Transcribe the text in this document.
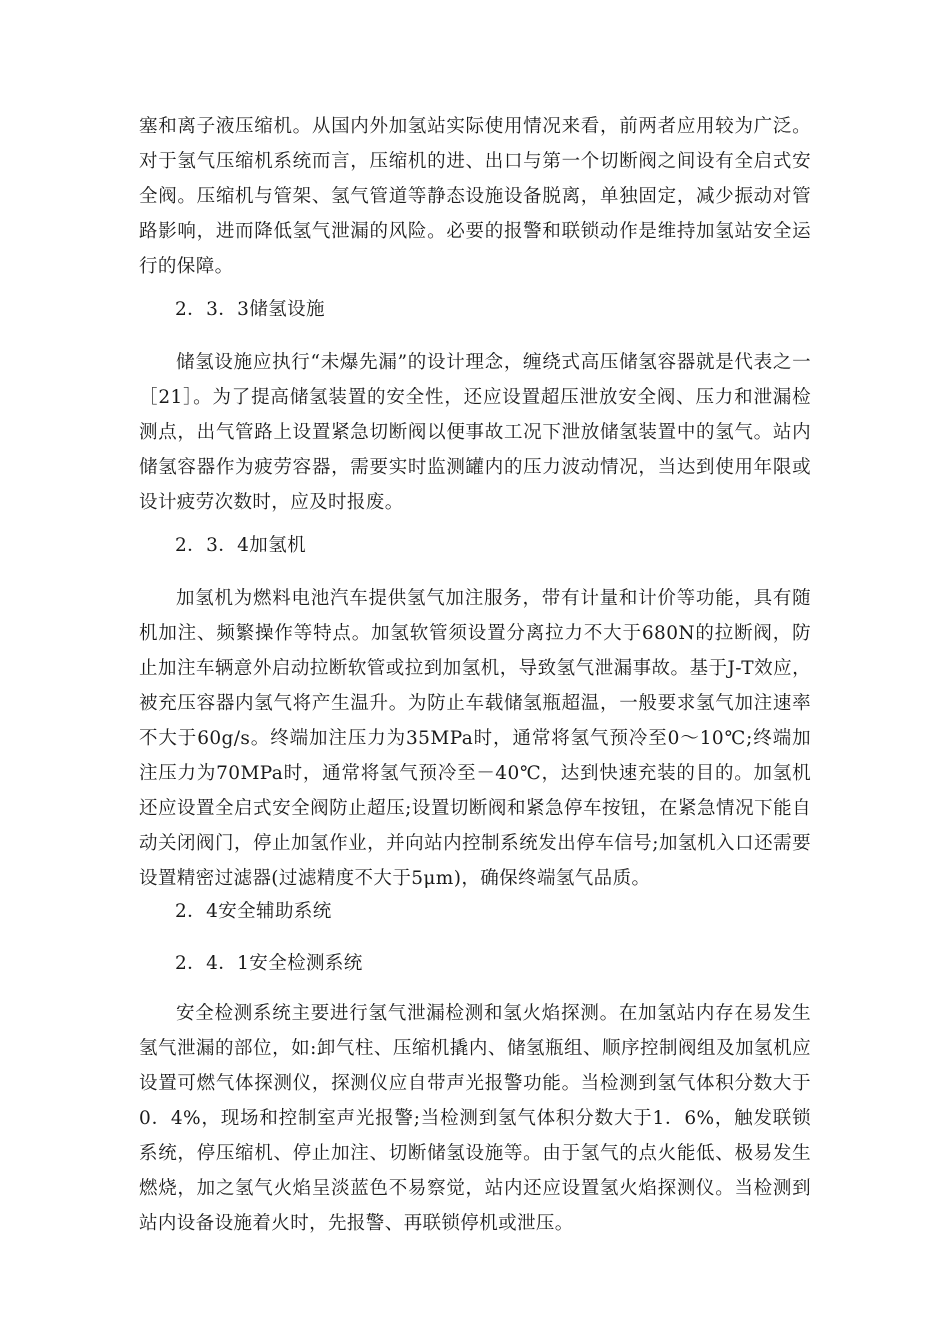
塞和离子液压缩机。从国内外加氢站实际使用情况来看，前两者应用较为广泛。对于氢气压缩机系统而言，压缩机的进、出口与第一个切断阀之间设有全启式安全阀。压缩机与管架、氢气管道等静态设施设备脱离，单独固定，减少振动对管路影响，进而降低氢气泄漏的风险。必要的报警和联锁动作是维持加氢站安全运行的保障。

2．3．3储氢设施

储氢设施应执行“未爆先漏”的设计理念，缠绕式高压储氢容器就是代表之一［21］。为了提高储氢装置的安全性，还应设置超压泄放安全阀、压力和泄漏检测点，出气管路上设置紧急切断阀以便事故工况下泄放储氢装置中的氢气。站内储氢容器作为疲劳容器，需要实时监测罐内的压力波动情况，当达到使用年限或设计疲劳次数时，应及时报废。

2．3．4加氢机

加氢机为燃料电池汽车提供氢气加注服务，带有计量和计价等功能，具有随机加注、频繁操作等特点。加氢软管须设置分离拉力不大于680N的拉断阀，防止加注车辆意外启动拉断软管或拉到加氢机，导致氢气泄漏事故。基于J-T效应，被充压容器内氢气将产生温升。为防止车载储氢瓶超温，一般要求氢气加注速率不大于60g/s。终端加注压力为35MPa时，通常将氢气预冷至0～10℃;终端加注压力为70MPa时，通常将氢气预冷至－40℃，达到快速充装的目的。加氢机还应设置全启式安全阀防止超压;设置切断阀和紧急停车按钮，在紧急情况下能自动关闭阀门，停止加氢作业，并向站内控制系统发出停车信号;加氢机入口还需要设置精密过滤器(过滤精度不大于5μm)，确保终端氢气品质。

2．4安全辅助系统

2．4．1安全检测系统

安全检测系统主要进行氢气泄漏检测和氢火焰探测。在加氢站内存在易发生氢气泄漏的部位，如:卸气柱、压缩机撬内、储氢瓶组、顺序控制阀组及加氢机应设置可燃气体探测仪，探测仪应自带声光报警功能。当检测到氢气体积分数大于0．4%，现场和控制室声光报警;当检测到氢气体积分数大于1．6%，触发联锁系统，停压缩机、停止加注、切断储氢设施等。由于氢气的点火能低、极易发生燃烧，加之氢气火焰呈淡蓝色不易察觉，站内还应设置氢火焰探测仪。当检测到站内设备设施着火时，先报警、再联锁停机或泄压。
